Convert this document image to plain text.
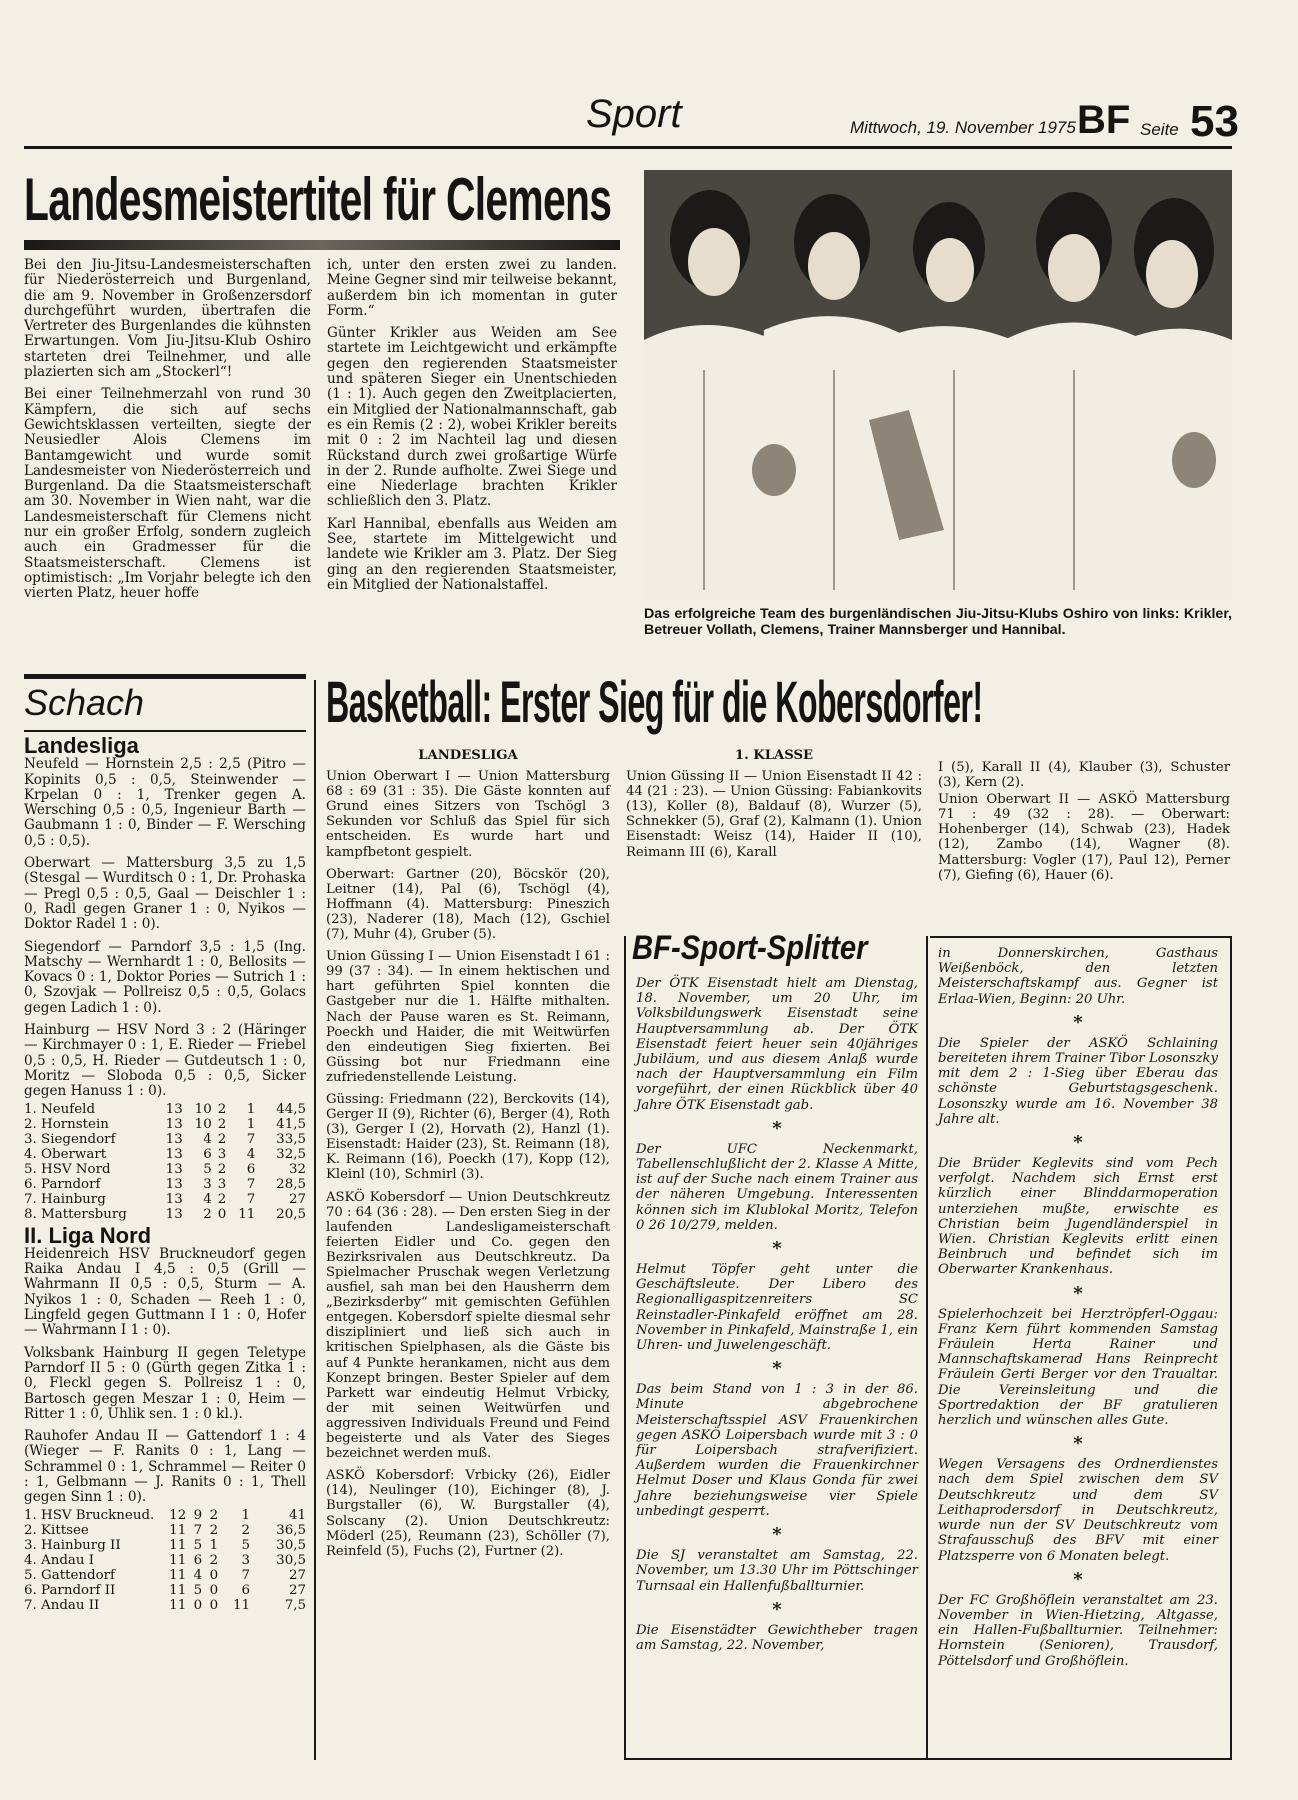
Sport	Mittwoch, 19. November 1975 BF Seite 53
Landesmeistertitel für Clemens

Bei den Jiu-Jitsu-Landesmeisterschaften für Niederösterreich und Burgenland, die am 9. November in Großenzersdorf durchgeführt wurden, übertrafen die Vertreter des Burgenlandes die kühnsten Erwartungen. Vom Jiu-Jitsu-Klub Oshiro starteten drei Teilnehmer, und alle plazierten sich am „Stockerl“!

Bei einer Teilnehmerzahl von rund 30 Kämpfern, die sich auf sechs Gewichtsklassen verteilten, siegte der Neusiedler Alois Clemens im Bantamgewicht und wurde somit Landesmeister von Niederösterreich und Burgenland. Da die Staatsmeisterschaft am 30. November in Wien naht, war die Landesmeisterschaft für Clemens nicht nur ein großer Erfolg, sondern zugleich auch ein Gradmesser für die Staatsmeisterschaft. Clemens ist optimistisch: „Im Vorjahr belegte ich den vierten Platz, heuer hoffe

ich, unter den ersten zwei zu landen. Meine Gegner sind mir teilweise bekannt, außerdem bin ich momentan in guter Form.“

Günter Krikler aus Weiden am See startete im Leichtgewicht und erkämpfte gegen den regierenden Staatsmeister und späteren Sieger ein Unentschieden (1 : 1). Auch gegen den Zweitplacierten, ein Mitglied der Nationalmannschaft, gab es ein Remis (2 : 2), wobei Krikler bereits mit 0 : 2 im Nachteil lag und diesen Rückstand durch zwei großartige Würfe in der 2. Runde aufholte. Zwei Siege und eine Niederlage brachten Krikler schließlich den 3. Platz.

Karl Hannibal, ebenfalls aus Weiden am See, startete im Mittelgewicht und landete wie Krikler am 3. Platz. Der Sieg ging an den regierenden Staatsmeister, ein Mitglied der Nationalstaffel.

Das erfolgreiche Team des burgenländischen Jiu-Jitsu-Klubs Oshiro von links: Krikler, Betreuer Vollath, Clemens, Trainer Mannsberger und Hannibal.
Schach
Landesliga

Neufeld — Hornstein 2,5 : 2,5 (Pitro — Kopinits 0,5 : 0,5, Steinwender — Krpelan 0 : 1, Trenker gegen A. Wersching 0,5 : 0,5, Ingenieur Barth — Gaubmann 1 : 0, Binder — F. Wersching 0,5 : 0,5).

Oberwart — Mattersburg 3,5 zu 1,5 (Stesgal — Wurditsch 0 : 1, Dr. Prohaska — Pregl 0,5 : 0,5, Gaal — Deischler 1 : 0, Radl gegen Graner 1 : 0, Nyikos — Doktor Radel 1 : 0).

Siegendorf — Parndorf 3,5 : 1,5 (Ing. Matschy — Wernhardt 1 : 0, Bellosits — Kovacs 0 : 1, Doktor Pories — Sutrich 1 : 0, Szovjak — Pollreisz 0,5 : 0,5, Golacs gegen Ladich 1 : 0).

Hainburg — HSV Nord 3 : 2 (Häringer — Kirchmayer 0 : 1, E. Rieder — Friebel 0,5 : 0,5, H. Rieder — Gutdeutsch 1 : 0, Moritz — Sloboda 0,5 : 0,5, Sicker gegen Hanuss 1 : 0).

1. Neufeld	13	10	2	1	44,5
2. Hornstein	13	10	2	1	41,5
3. Siegendorf	13	4	2	7	33,5
4. Oberwart	13	6	3	4	32,5
5. HSV Nord	13	5	2	6	32
6. Parndorf	13	3	3	7	28,5
7. Hainburg	13	4	2	7	27
8. Mattersburg	13	2	0	11	20,5
II. Liga Nord

Heidenreich HSV Bruckneudorf gegen Raika Andau I 4,5 : 0,5 (Grill — Wahrmann II 0,5 : 0,5, Sturm — A. Nyikos 1 : 0, Schaden — Reeh 1 : 0, Lingfeld gegen Guttmann I 1 : 0, Hofer — Wahrmann I 1 : 0).

Volksbank Hainburg II gegen Teletype Parndorf II 5 : 0 (Gürth gegen Zitka 1 : 0, Fleckl gegen S. Pollreisz 1 : 0, Bartosch gegen Meszar 1 : 0, Heim — Ritter 1 : 0, Uhlik sen. 1 : 0 kl.).

Rauhofer Andau II — Gattendorf 1 : 4 (Wieger — F. Ranits 0 : 1, Lang — Schrammel 0 : 1, Schrammel — Reiter 0 : 1, Gelbmann — J. Ranits 0 : 1, Thell gegen Sinn 1 : 0).

1. HSV Bruckneud.	12	9	2	1	41
2. Kittsee	11	7	2	2	36,5
3. Hainburg II	11	5	1	5	30,5
4. Andau I	11	6	2	3	30,5
5. Gattendorf	11	4	0	7	27
6. Parndorf II	11	5	0	6	27
7. Andau II	11	0	0	11	7,5
Basketball: Erster Sieg für die Kobersdorfer!
LANDESLIGA

Union Oberwart I — Union Mattersburg 68 : 69 (31 : 35). Die Gäste konnten auf Grund eines Sitzers von Tschögl 3 Sekunden vor Schluß das Spiel für sich entscheiden. Es wurde hart und kampfbetont gespielt.

Oberwart: Gartner (20), Böcskör (20), Leitner (14), Pal (6), Tschögl (4), Hoffmann (4). Mattersburg: Pineszich (23), Naderer (18), Mach (12), Gschiel (7), Muhr (4), Gruber (5).

Union Güssing I — Union Eisenstadt I 61 : 99 (37 : 34). — In einem hektischen und hart geführten Spiel konnten die Gastgeber nur die 1. Hälfte mithalten. Nach der Pause waren es St. Reimann, Poeckh und Haider, die mit Weitwürfen den eindeutigen Sieg fixierten. Bei Güssing bot nur Friedmann eine zufriedenstellende Leistung.

Güssing: Friedmann (22), Berckovits (14), Gerger II (9), Richter (6), Berger (4), Roth (3), Gerger I (2), Horvath (2), Hanzl (1). Eisenstadt: Haider (23), St. Reimann (18), K. Reimann (16), Poeckh (17), Kopp (12), Kleinl (10), Schmirl (3).

ASKÖ Kobersdorf — Union Deutschkreutz 70 : 64 (36 : 28). — Den ersten Sieg in der laufenden Landesligameisterschaft feierten Eidler und Co. gegen den Bezirksrivalen aus Deutschkreutz. Da Spielmacher Pruschak wegen Verletzung ausfiel, sah man bei den Hausherrn dem „Bezirksderby“ mit gemischten Gefühlen entgegen. Kobersdorf spielte diesmal sehr diszipliniert und ließ sich auch in kritischen Spielphasen, als die Gäste bis auf 4 Punkte herankamen, nicht aus dem Konzept bringen. Bester Spieler auf dem Parkett war eindeutig Helmut Vrbicky, der mit seinen Weitwürfen und aggressiven Individuals Freund und Feind begeisterte und als Vater des Sieges bezeichnet werden muß.

ASKÖ Kobersdorf: Vrbicky (26), Eidler (14), Neulinger (10), Eichinger (8), J. Burgstaller (6), W. Burgstaller (4), Solscany (2). Union Deutschkreutz: Möderl (25), Reumann (23), Schöller (7), Reinfeld (5), Fuchs (2), Furtner (2).

1. KLASSE

Union Güssing II — Union Eisenstadt II 42 : 44 (21 : 23). — Union Güssing: Fabiankovits (13), Koller (8), Baldauf (8), Wurzer (5), Schnekker (5), Graf (2), Kalmann (1). Union Eisenstadt: Weisz (14), Haider II (10), Reimann III (6), Karall

I (5), Karall II (4), Klauber (3), Schuster (3), Kern (2).

Union Oberwart II — ASKÖ Mattersburg 71 : 49 (32 : 28). — Oberwart: Hohenberger (14), Schwab (23), Hadek (12), Zambo (14), Wagner (8). Mattersburg: Vogler (17), Paul 12), Perner (7), Giefing (6), Hauer (6).

BF-Sport-Splitter

Der ÖTK Eisenstadt hielt am Dienstag, 18. November, um 20 Uhr, im Volksbildungswerk Eisenstadt seine Hauptversammlung ab. Der ÖTK Eisenstadt feiert heuer sein 40jähriges Jubiläum, und aus diesem Anlaß wurde nach der Hauptversammlung ein Film vorgeführt, der einen Rückblick über 40 Jahre ÖTK Eisenstadt gab.

*

Der UFC Neckenmarkt, Tabellenschlußlicht der 2. Klasse A Mitte, ist auf der Suche nach einem Trainer aus der näheren Umgebung. Interessenten können sich im Klublokal Moritz, Telefon 0 26 10/279, melden.

*

Helmut Töpfer geht unter die Geschäftsleute. Der Libero des Regionalligaspitzenreiters SC Reinstadler-Pinkafeld eröffnet am 28. November in Pinkafeld, Mainstraße 1, ein Uhren- und Juwelengeschäft.

*

Das beim Stand von 1 : 3 in der 86. Minute abgebrochene Meisterschaftsspiel ASV Frauenkirchen gegen ASKÖ Loipersbach wurde mit 3 : 0 für Loipersbach strafverifiziert. Außerdem wurden die Frauenkirchner Helmut Doser und Klaus Gonda für zwei Jahre beziehungsweise vier Spiele unbedingt gesperrt.

*

Die SJ veranstaltet am Samstag, 22. November, um 13.30 Uhr im Pöttschinger Turnsaal ein Hallenfußballturnier.

*

Die Eisenstädter Gewichtheber tragen am Samstag, 22. November,

in Donnerskirchen, Gasthaus Weißenböck, den letzten Meisterschaftskampf aus. Gegner ist Erlaa-Wien, Beginn: 20 Uhr.

*

Die Spieler der ASKÖ Schlaining bereiteten ihrem Trainer Tibor Losonszky mit dem 2 : 1-Sieg über Eberau das schönste Geburtstagsgeschenk. Losonszky wurde am 16. November 38 Jahre alt.

*

Die Brüder Keglevits sind vom Pech verfolgt. Nachdem sich Ernst erst kürzlich einer Blinddarmoperation unterziehen mußte, erwischte es Christian beim Jugendländerspiel in Wien. Christian Keglevits erlitt einen Beinbruch und befindet sich im Oberwarter Krankenhaus.

*

Spielerhochzeit bei Herztröpferl-Oggau: Franz Kern führt kommenden Samstag Fräulein Herta Rainer und Mannschaftskamerad Hans Reinprecht Fräulein Gerti Berger vor den Traualtar. Die Vereinsleitung und die Sportredaktion der BF gratulieren herzlich und wünschen alles Gute.

*

Wegen Versagens des Ordnerdienstes nach dem Spiel zwischen dem SV Deutschkreutz und dem SV Leithaprodersdorf in Deutschkreutz, wurde nun der SV Deutschkreutz vom Strafausschuß des BFV mit einer Platzsperre von 6 Monaten belegt.

*

Der FC Großhöflein veranstaltet am 23. November in Wien-Hietzing, Altgasse, ein Hallen-Fußballturnier. Teilnehmer: Hornstein (Senioren), Trausdorf, Pöttelsdorf und Großhöflein.
